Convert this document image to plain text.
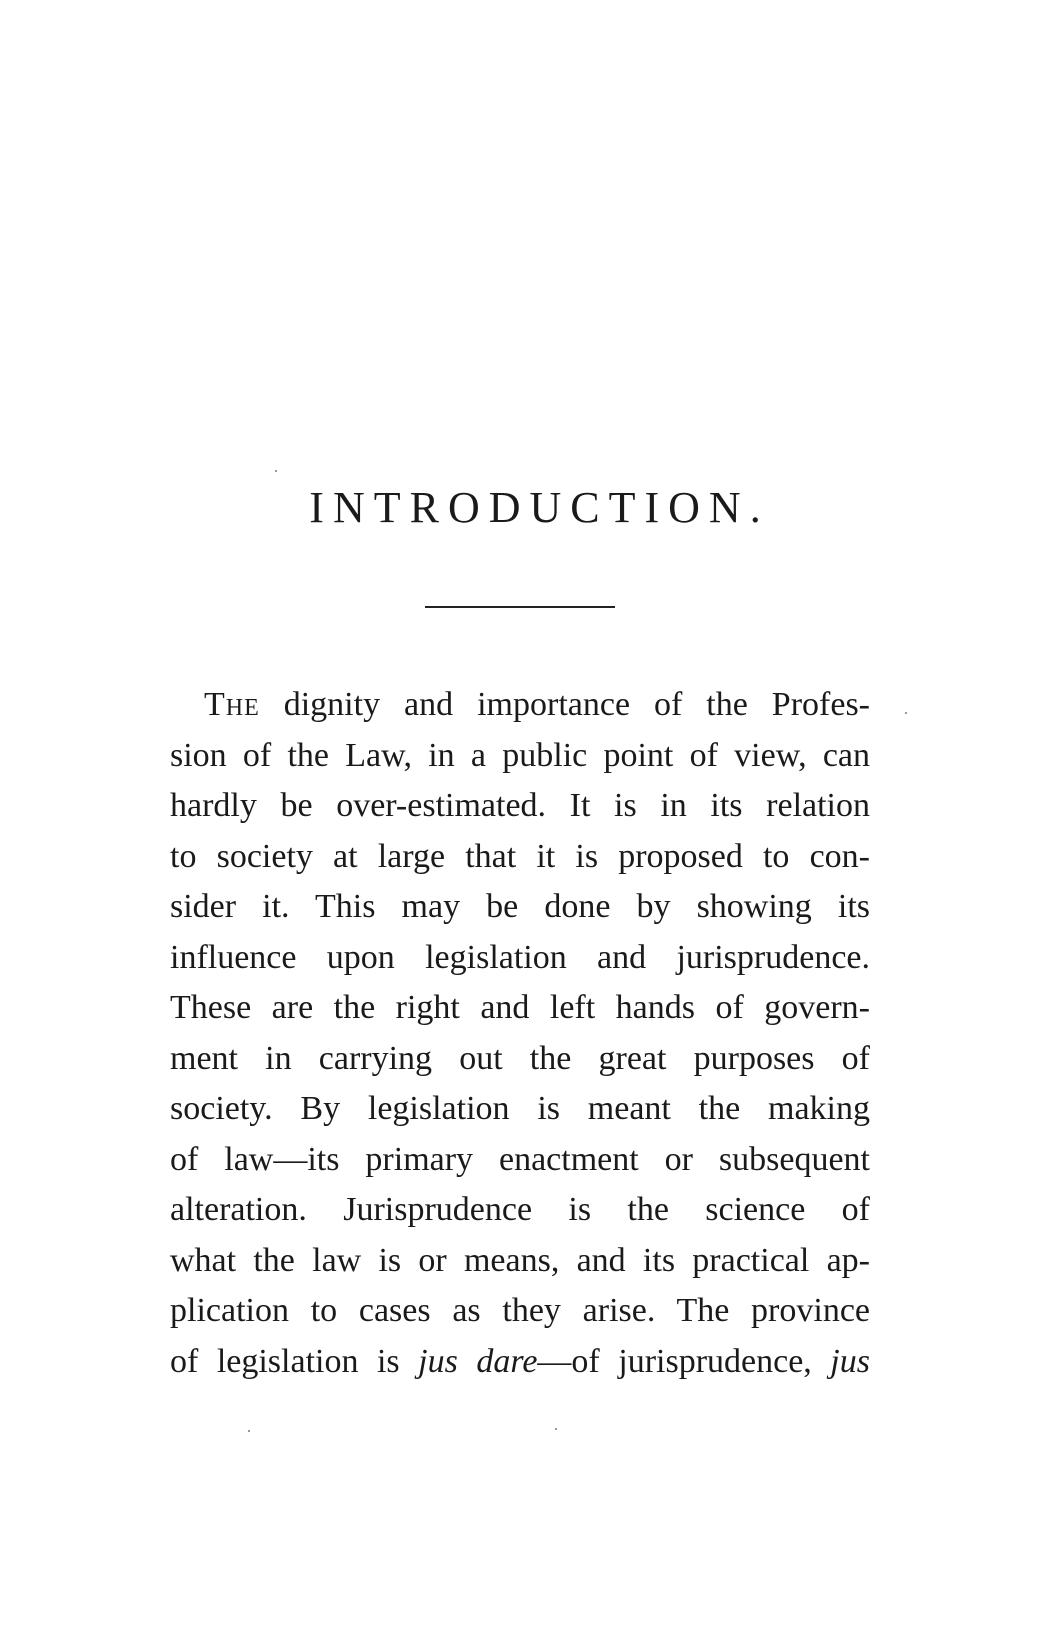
INTRODUCTION.
The dignity and importance of the Profes-
sion of the Law, in a public point of view, can
hardly be over-estimated. It is in its relation
to society at large that it is proposed to con-
sider it. This may be done by showing its
influence upon legislation and jurisprudence.
These are the right and left hands of govern-
ment in carrying out the great purposes of
society. By legislation is meant the making
of law—its primary enactment or subsequent
alteration. Jurisprudence is the science of
what the law is or means, and its practical ap-
plication to cases as they arise. The province
of legislation is jus dare—of jurisprudence, jus
